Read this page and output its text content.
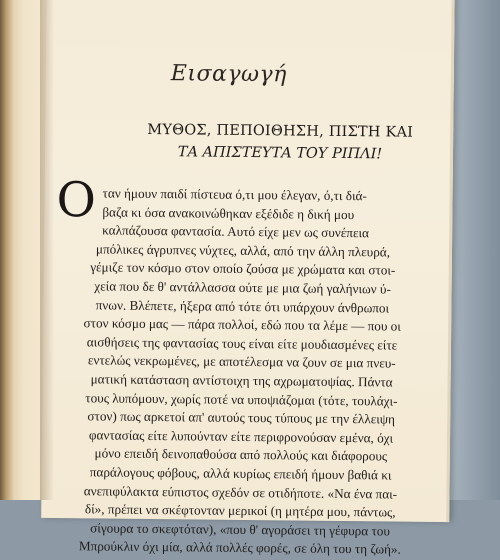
Εισαγωγή
ΜΥΘΟΣ, ΠΕΠΟΙΘΗΣΗ, ΠΙΣΤΗ ΚΑΙ
ΤΑ ΑΠΙΣΤΕΥΤΑ ΤΟΥ ΡΙΠΛΙ!
Ο ταν ήμουν παιδί πίστευα ό,τι μου έλεγαν, ό,τι διά-
βαζα κι όσα ανακοινώθηκαν εξέδιδε η δική μου
καλπάζουσα φαντασία. Αυτό είχε μεν ως συνέπεια
μπόλικες άγρυπνες νύχτες, αλλά, από την άλλη πλευρά,
γέμιζε τον κόσμο στον οποίο ζούσα με χρώματα και στοι-
χεία που δε θ' αντάλλασσα ούτε με μια ζωή γαλήνιων ύ-
πνων. Βλέπετε, ήξερα από τότε ότι υπάρχουν άνθρωποι
στον κόσμο μας — πάρα πολλοί, εδώ που τα λέμε — που οι
αισθήσεις της φαντασίας τους είναι είτε μουδιασμένες είτε
εντελώς νεκρωμένες, με αποτέλεσμα να ζουν σε μια πνευ-
ματική κατάσταση αντίστοιχη της αχρωματοψίας. Πάντα
τους λυπόμουν, χωρίς ποτέ να υποψιάζομαι (τότε, τουλάχι-
στον) πως αρκετοί απ' αυτούς τους τύπους με την έλλειψη
φαντασίας είτε λυπούνταν είτε περιφρονούσαν εμένα, όχι
μόνο επειδή δεινοπαθούσα από πολλούς και διάφορους
παράλογους φόβους, αλλά κυρίως επειδή ήμουν βαθιά κι
ανεπιφύλακτα εύπιστος σχεδόν σε οτιδήποτε. «Να ένα παι-
δί», πρέπει να σκέφτονταν μερικοί (η μητέρα μου, πάντως,
σίγουρα το σκεφτόταν), «που θ' αγοράσει τη γέφυρα του
Μπρούκλιν όχι μία, αλλά πολλές φορές, σε όλη του τη ζωή».
